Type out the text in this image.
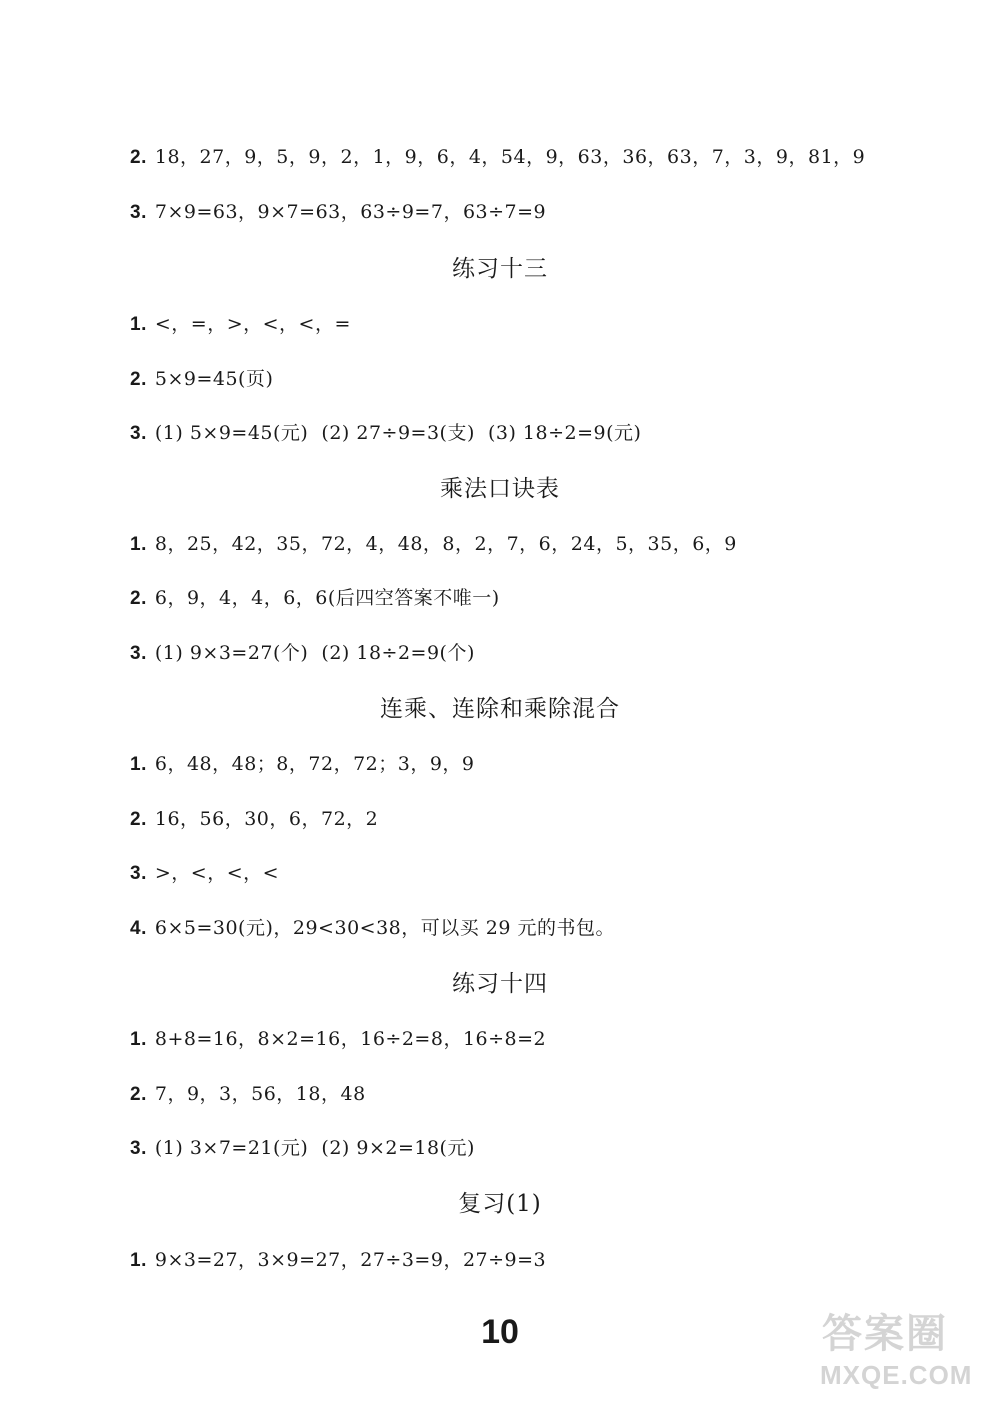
2. 18，27，9，5，9，2，1，9，6，4，54，9，63，36，63，7，3，9，81，9
3. 7×9=63，9×7=63，63÷9=7，63÷7=9
练习十三
1. <，=，>，<，<，=
2. 5×9=45(页)
3. (1) 5×9=45(元)  (2) 27÷9=3(支)  (3) 18÷2=9(元)
乘法口诀表
1. 8，25，42，35，72，4，48，8，2，7，6，24，5，35，6，9
2. 6，9，4，4，6，6(后四空答案不唯一)
3. (1) 9×3=27(个)  (2) 18÷2=9(个)
连乘、连除和乘除混合
1. 6，48，48；8，72，72；3，9，9
2. 16，56，30，6，72，2
3. >，<，<，<
4. 6×5=30(元)，29<30<38，可以买 29 元的书包。
练习十四
1. 8+8=16，8×2=16，16÷2=8，16÷8=2
2. 7，9，3，56，18，48
3. (1) 3×7=21(元)  (2) 9×2=18(元)
复习(1)
1. 9×3=27，3×9=27，27÷3=9，27÷9=3
10	答案圈
MXQE.COM
